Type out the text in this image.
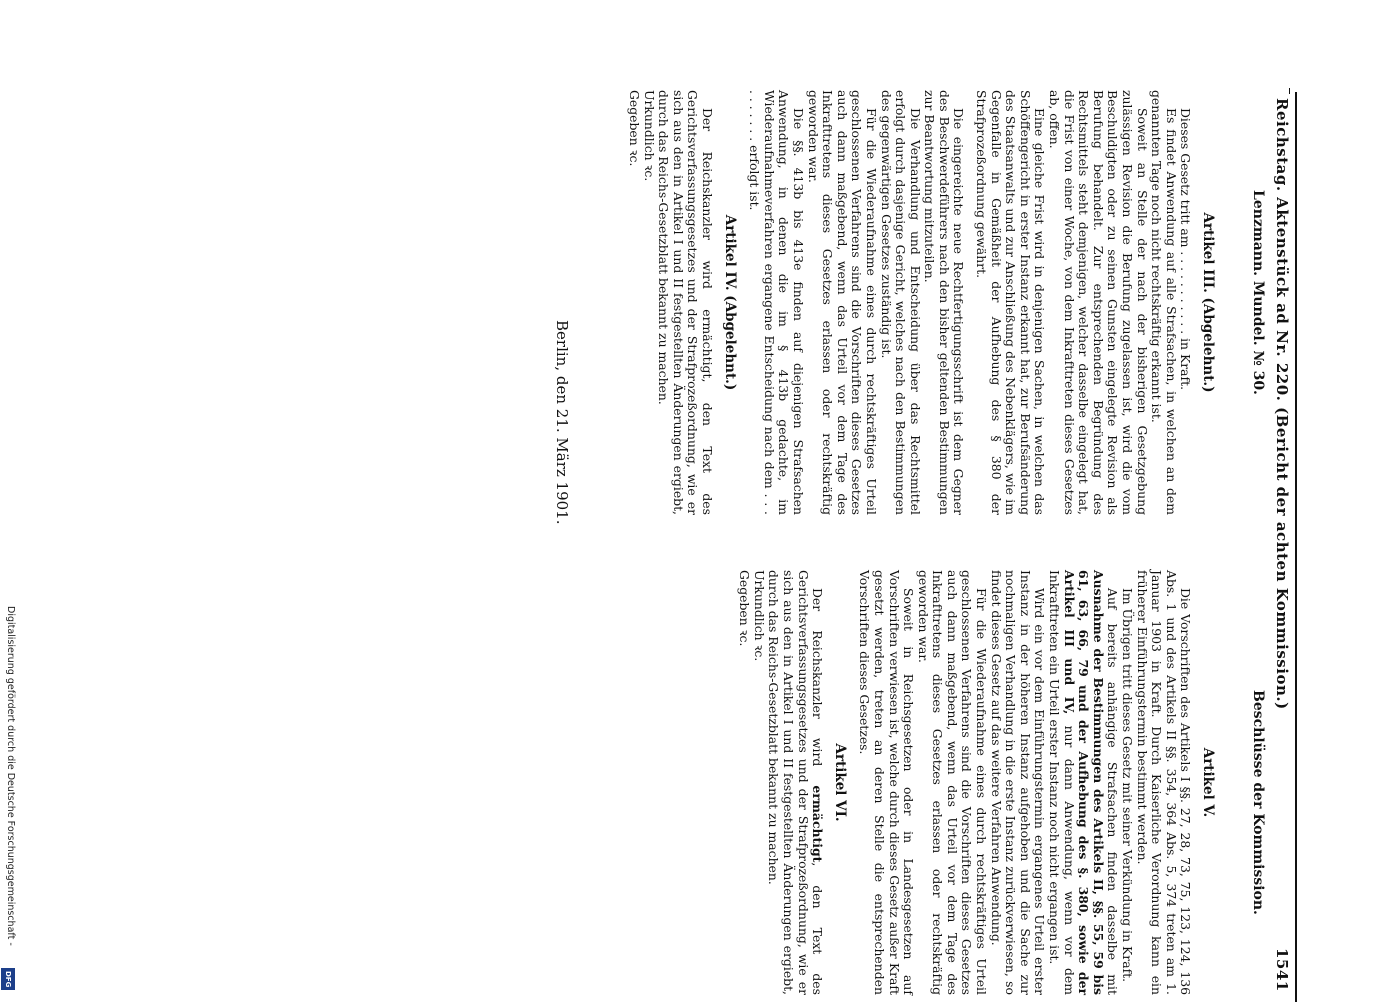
Reichstag. Aktenstück ad Nr. 220. (Bericht der achten Kommission.)
1541
Lenzmann. Mundel. № 30.
Beschlüsse der Kommission.
Artikel III. (Abgelehnt.)

Dieses Gesetz tritt am . . . . . . . . . . . in Kraft.

Es findet Anwendung auf alle Strafsachen, in welchen an dem genannten Tage noch nicht rechtskräftig erkannt ist.

Soweit an Stelle der nach der bisherigen Gesetzgebung zulässigen Revision die Berufung zugelassen ist, wird die vom Beschuldigten oder zu seinen Gunsten eingelegte Revision als Berufung behandelt. Zur entsprechenden Begründung des Rechtsmittels steht demjenigen, welcher dasselbe eingelegt hat, die Frist von einer Woche, von dem Inkrafttreten dieses Gesetzes ab, offen.

Eine gleiche Frist wird in denjenigen Sachen, in welchen das Schöffengericht in erster Instanz erkannt hat, zur Berufsänderung des Staatsanwalts und zur Anschließung des Nebenklägers, wie im Gegenfalle in Gemäßheit der Aufhebung des § 380 der Strafprozeßordnung gewährt.

Die eingereichte neue Rechtfertigungsschrift ist dem Gegner des Beschwerdeführers nach den bisher geltenden Bestimmungen zur Beantwortung mitzuteilen.

Die Verhandlung und Entscheidung über das Rechtsmittel erfolgt durch dasjenige Gericht, welches nach den Bestimmungen des gegenwärtigen Gesetzes zuständig ist.

Für die Wiederaufnahme eines durch rechtskräftiges Urteil geschlossenen Verfahrens sind die Vorschriften dieses Gesetzes auch dann maßgebend, wenn das Urteil vor dem Tage des Inkrafttretens dieses Gesetzes erlassen oder rechtskräftig geworden war.

Die §§. 413b bis 413e finden auf diejenigen Strafsachen Anwendung, in denen die im § 413b gedachte, im Wiederaufnahmeverfahren ergangene Entscheidung nach dem . . . . . . . . . . erfolgt ist.

Artikel IV. (Abgelehnt.)

Der Reichskanzler wird ermächtigt, den Text des Gerichtsverfassungsgesetzes und der Strafprozeßordnung, wie er sich aus den in Artikel I und II festgestellten Änderungen ergiebt, durch das Reichs-Gesetzblatt bekannt zu machen.

Urkundlich ꝛc.

Gegeben ꝛc.

Artikel V.

Die Vorschriften des Artikels I §§. 27, 28, 73, 75, 123, 124, 136 Abs. 1 und des Artikels II §§. 354, 364 Abs. 5, 374 treten am 1. Januar 1903 in Kraft. Durch Kaiserliche Verordnung kann ein früherer Einführungstermin bestimmt werden.

Im Übrigen tritt dieses Gesetz mit seiner Verkündung in Kraft.

Auf bereits anhängige Strafsachen finden dasselbe mit Ausnahme der Bestimmungen des Artikels II, §§. 55, 59 bis 61, 63, 66, 79 und der Aufhebung des §. 380, sowie der Artikel III und IV, nur dann Anwendung, wenn vor dem Inkrafttreten ein Urteil erster Instanz noch nicht ergangen ist.

Wird ein vor dem Einführungstermin ergangenes Urteil erster Instanz in der höheren Instanz aufgehoben und die Sache zur nochmaligen Verhandlung in die erste Instanz zurückverwiesen, so findet dieses Gesetz auf das weitere Verfahren Anwendung.

Für die Wiederaufnahme eines durch rechtskräftiges Urteil geschlossenen Verfahrens sind die Vorschriften dieses Gesetzes auch dann maßgebend, wenn das Urteil vor dem Tage des Inkrafttretens dieses Gesetzes erlassen oder rechtskräftig geworden war.

Soweit in Reichsgesetzen oder in Landesgesetzen auf Vorschriften verwiesen ist, welche durch dieses Gesetz außer Kraft gesetzt werden, treten an deren Stelle die entsprechenden Vorschriften dieses Gesetzes.

Artikel VI.

Der Reichskanzler wird ermächtigt, den Text des Gerichtsverfassungsgesetzes und der Strafprozeßordnung, wie er sich aus den in Artikel I und II festgestellten Änderungen ergiebt, durch das Reichs-Gesetzblatt bekannt zu machen.

Urkundlich ꝛc.

Gegeben ꝛc.

Berlin, den 21. März 1901.
Digitalisierung gefördert durch die Deutsche Forschungsgemeinschaft -
DFG
